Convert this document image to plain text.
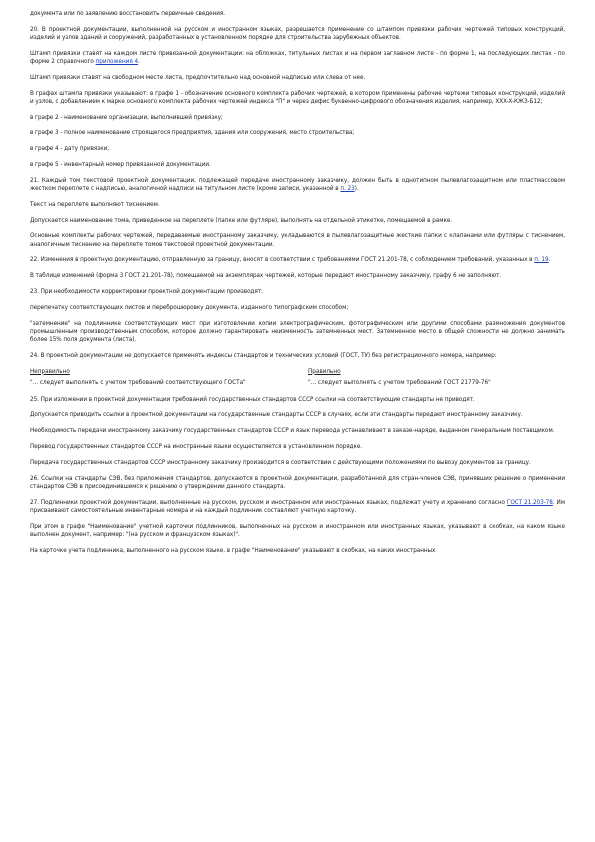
документа или по заявлению восстановить первичные сведения.

20. В проектной документации, выполненной на русском и иностранном языках, разрешается применение со штампом привязки рабочих чертежей типовых конструкций, изделий и узлов зданий и сооружений, разработанных в установленном порядке для строительства зарубежных объектов.

Штамп привязки ставят на каждом листе привязанной документации: на обложках, титульных листах и на первом заглавном листе - по форме 1, на последующих листах - по форме 2 справочного приложения 4.

Штамп привязки ставят на свободном месте листа, предпочтительно над основной надписью или слева от нее.

В графах штампа привязки указывают: в графе 1 - обозначение основного комплекта рабочих чертежей, в котором применены рабочие чертежи типовых конструкций, изделий и узлов, с добавлением к марке основного комплекта рабочих чертежей индекса "П" и через дефис буквенно-цифрового обозначения изделия, например, XXX-X-КЖЗ-Б12;

в графе 2 - наименование организации, выполнившей привязку;

в графе 3 - полное наименование строящегося предприятия, здания или сооружения, место строительства;

в графе 4 - дату привязки;

в графе 5 - инвентарный номер привязанной документации.

21. Каждый том текстовой проектной документации, подлежащей передаче иностранному заказчику, должен быть в однотипном пылевлагозащитном или пластмассовом жестком переплете с надписью, аналогичной надписи на титульном листе (кроме записи, указанной в п. 23).

Текст на переплете выполняют тиснением.

Допускается наименование тома, приведенное на переплете (папке или футляре), выполнять на отдельной этикетке, помещаемой в рамке.

Основные комплекты рабочих чертежей, передаваемые иностранному заказчику, укладываются в пылевлагозащитные жесткие папки с клапанами или футляры с тиснением, аналогичным тиснению на переплете томов текстовой проектной документации.

22. Изменения в проектную документацию, отправленную за границу, вносят в соответствии с требованиями ГОСТ 21.201-78, с соблюдением требований, указанных в п. 19.

В таблице изменений (форма 3 ГОСТ 21.201-78), помещаемой на экземплярах чертежей, которые передают иностранному заказчику, графу 6 не заполняют.

23. При необходимости корректировки проектной документации производят:

перепечатку соответствующих листов и переброшюровку документа, изданного типографским способом;

"затемнение" на подлиннике соответствующих мест при изготовлении копии электрографическим, фотографическим или другими способами размножения документов промышленным производственным способом, которое должно гарантировать неизменность затемненных мест. Затемненное место в общей сложности не должно занимать более 15% поля документа (листа).

24. В проектной документации не допускается применять индексы стандартов и технических условий (ГОСТ, ТУ) без регистрационного номера, например:

Неправильно
"... следует выполнять с учетом требований соответствующего ГОСТа"
Правильно
"... следует выполнять с учетом требований ГОСТ 21779-76"

25. При изложении в проектной документации требований государственных стандартов СССР ссылки на соответствующие стандарты не приводят.

Допускается приводить ссылки в проектной документации на государственные стандарты СССР в случаях, если эти стандарты передают иностранному заказчику.

Необходимость передачи иностранному заказчику государственных стандартов СССР и язык перевода устанавливает в заказе-наряде, выданном генеральным поставщиком.

Перевод государственных стандартов СССР на иностранные языки осуществляется в установленном порядке.

Передача государственных стандартов СССР иностранному заказчику производится в соответствии с действующими положениями по вывозу документов за границу.

26. Ссылки на стандарты СЭВ, без приложения стандартов, допускаются в проектной документации, разработанной для стран-членов СЭВ, принявших решение о применении стандартов СЭВ в присоединившемся к решению о утверждении данного стандарта.

27. Подлинники проектной документации, выполненные на русском, русском и иностранном или иностранных языках, подлежат учету и хранению согласно ГОСТ 21.203-78. Им присваивают самостоятельные инвентарные номера и на каждый подлинник составляют учетную карточку.

При этом в графе "Наименование" учетной карточки подлинников, выполненных на русском и иностранном или иностранных языках, указывают в скобках, на каком языке выполнен документ, например: "(на русском и французском языках)".

На карточке учета подлинника, выполненного на русском языке, в графе "Наименование" указывают в скобках, на каких иностранных
